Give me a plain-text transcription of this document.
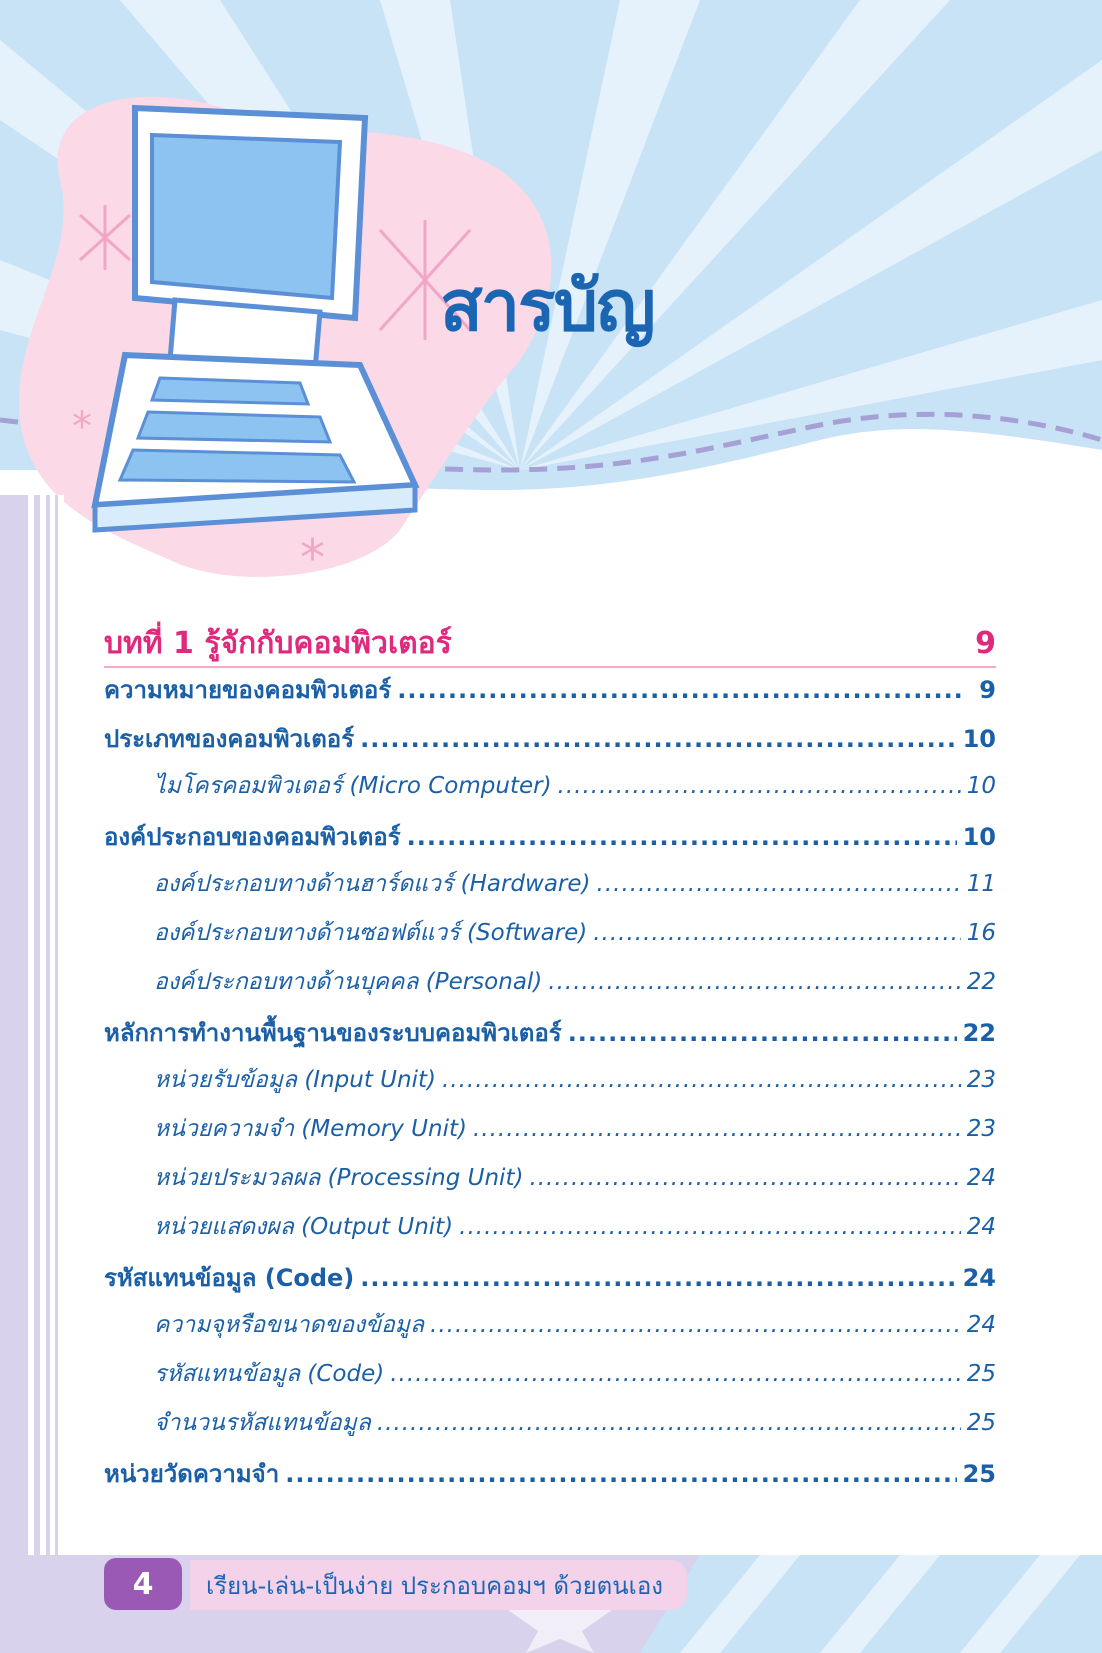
*
*
สารบัญ
บทที่ 1 รู้จักกับคอมพิวเตอร์	9
ความหมายของคอมพิวเตอร์ .....	9
ประเภทของคอมพิวเตอร์ .....	10
ไมโครคอมพิวเตอร์ (Micro Computer) .....	10
องค์ประกอบของคอมพิวเตอร์ .....	10
องค์ประกอบทางด้านฮาร์ดแวร์ (Hardware) .....	11
องค์ประกอบทางด้านซอฟต์แวร์ (Software) .....	16
องค์ประกอบทางด้านบุคคล (Personal) .....	22
หลักการทำงานพื้นฐานของระบบคอมพิวเตอร์ .....	22
หน่วยรับข้อมูล (Input Unit) .....	23
หน่วยความจำ (Memory Unit) .....	23
หน่วยประมวลผล (Processing Unit) .....	24
หน่วยแสดงผล (Output Unit) .....	24
รหัสแทนข้อมูล (Code) .....	24
ความจุหรือขนาดของข้อมูล .....	24
รหัสแทนข้อมูล (Code) .....	25
จำนวนรหัสแทนข้อมูล .....	25
หน่วยวัดความจำ .....	25
4	เรียน-เล่น-เป็นง่าย ประกอบคอมฯ ด้วยตนเอง
